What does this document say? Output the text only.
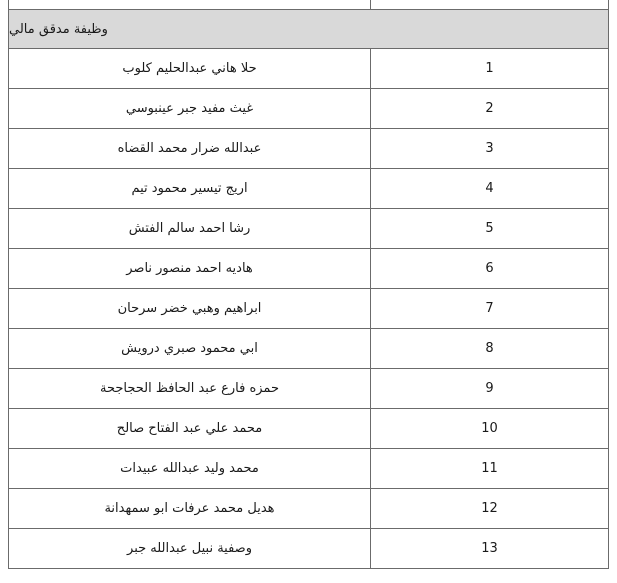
وظيفة مدقق مالي
حلا هاني عبدالحليم كلوب	1
غيث مفيد جبر عينبوسي	2
عبدالله ضرار محمد القضاه	3
اريج تيسير محمود تيم	4
رشا احمد سالم الفتش	5
هاديه احمد منصور ناصر	6
ابراهيم وهبي خضر سرحان	7
ابي محمود صبري درويش	8
حمزه فارع عبد الحافظ الحجاجحة	9
محمد علي عبد الفتاح صالح	10
محمد وليد عبدالله عبيدات	11
هديل محمد عرفات ابو سمهدانة	12
وصفية نبيل عبدالله جبر	13
